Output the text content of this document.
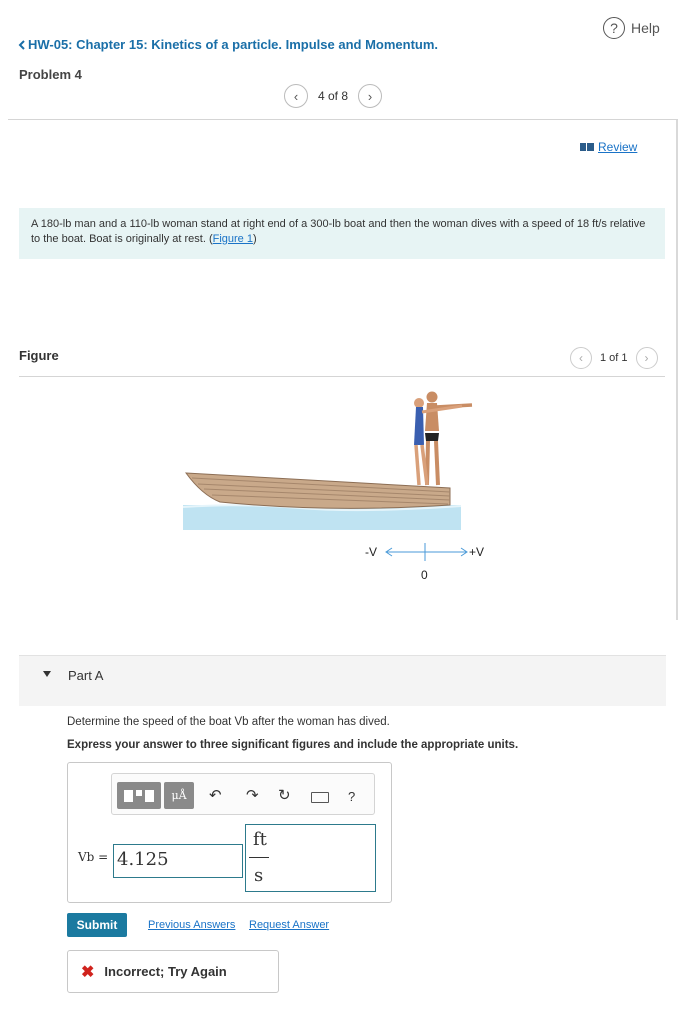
? Help
HW-05: Chapter 15: Kinetics of a particle. Impulse and Momentum.
Problem 4
‹	4 of 8	›
Review
A 180-lb man and a 110-lb woman stand at right end of a 300-lb boat and then the woman dives with a speed of 18 ft/s relative to the boat. Boat is originally at rest. (Figure 1)
Figure	‹	1 of 1	›
-V	+V
0
Part A
Determine the speed of the boat Vb after the woman has dived.
Express your answer to three significant figures and include the appropriate units.
μÅ	↶ ↷ ↻	?
Vb = 4.125
ft
s
Submit	Previous Answers Request Answer
✖ Incorrect; Try Again
